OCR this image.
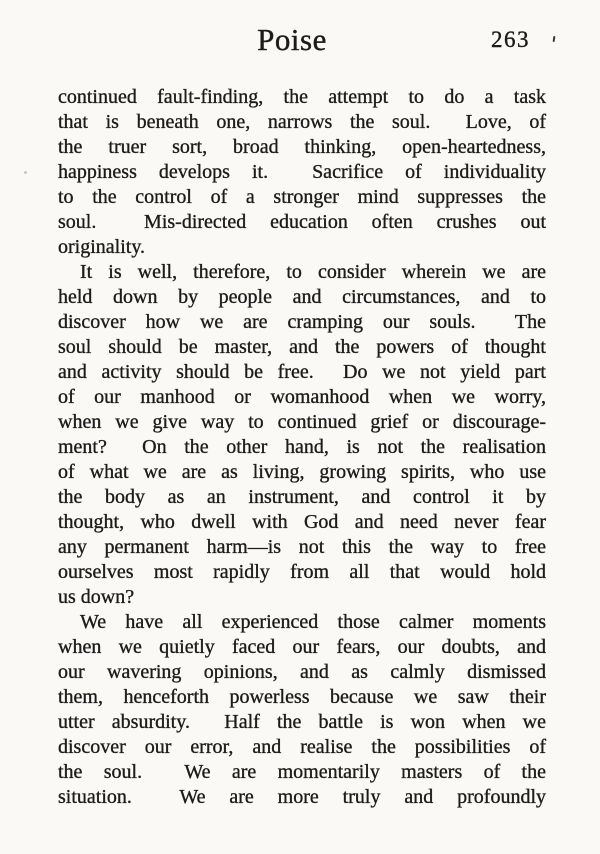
Poise	263
continued fault-finding, the attempt to do a task
that is beneath one, narrows the soul.  Love, of
the truer sort, broad thinking, open-heartedness,
happiness develops it.  Sacrifice of individuality
to the control of a stronger mind suppresses the
soul.  Mis-directed education often crushes out
originality.
It is well, therefore, to consider wherein we are
held down by people and circumstances, and to
discover how we are cramping our souls.  The
soul should be master, and the powers of thought
and activity should be free.  Do we not yield part
of our manhood or womanhood when we worry,
when we give way to continued grief or discourage-
ment?  On the other hand, is not the realisation
of what we are as living, growing spirits, who use
the body as an instrument, and control it by
thought, who dwell with God and need never fear
any permanent harm—is not this the way to free
ourselves most rapidly from all that would hold
us down?
We have all experienced those calmer moments
when we quietly faced our fears, our doubts, and
our wavering opinions, and as calmly dismissed
them, henceforth powerless because we saw their
utter absurdity.  Half the battle is won when we
discover our error, and realise the possibilities of
the soul.  We are momentarily masters of the
situation.  We are more truly and profoundly
